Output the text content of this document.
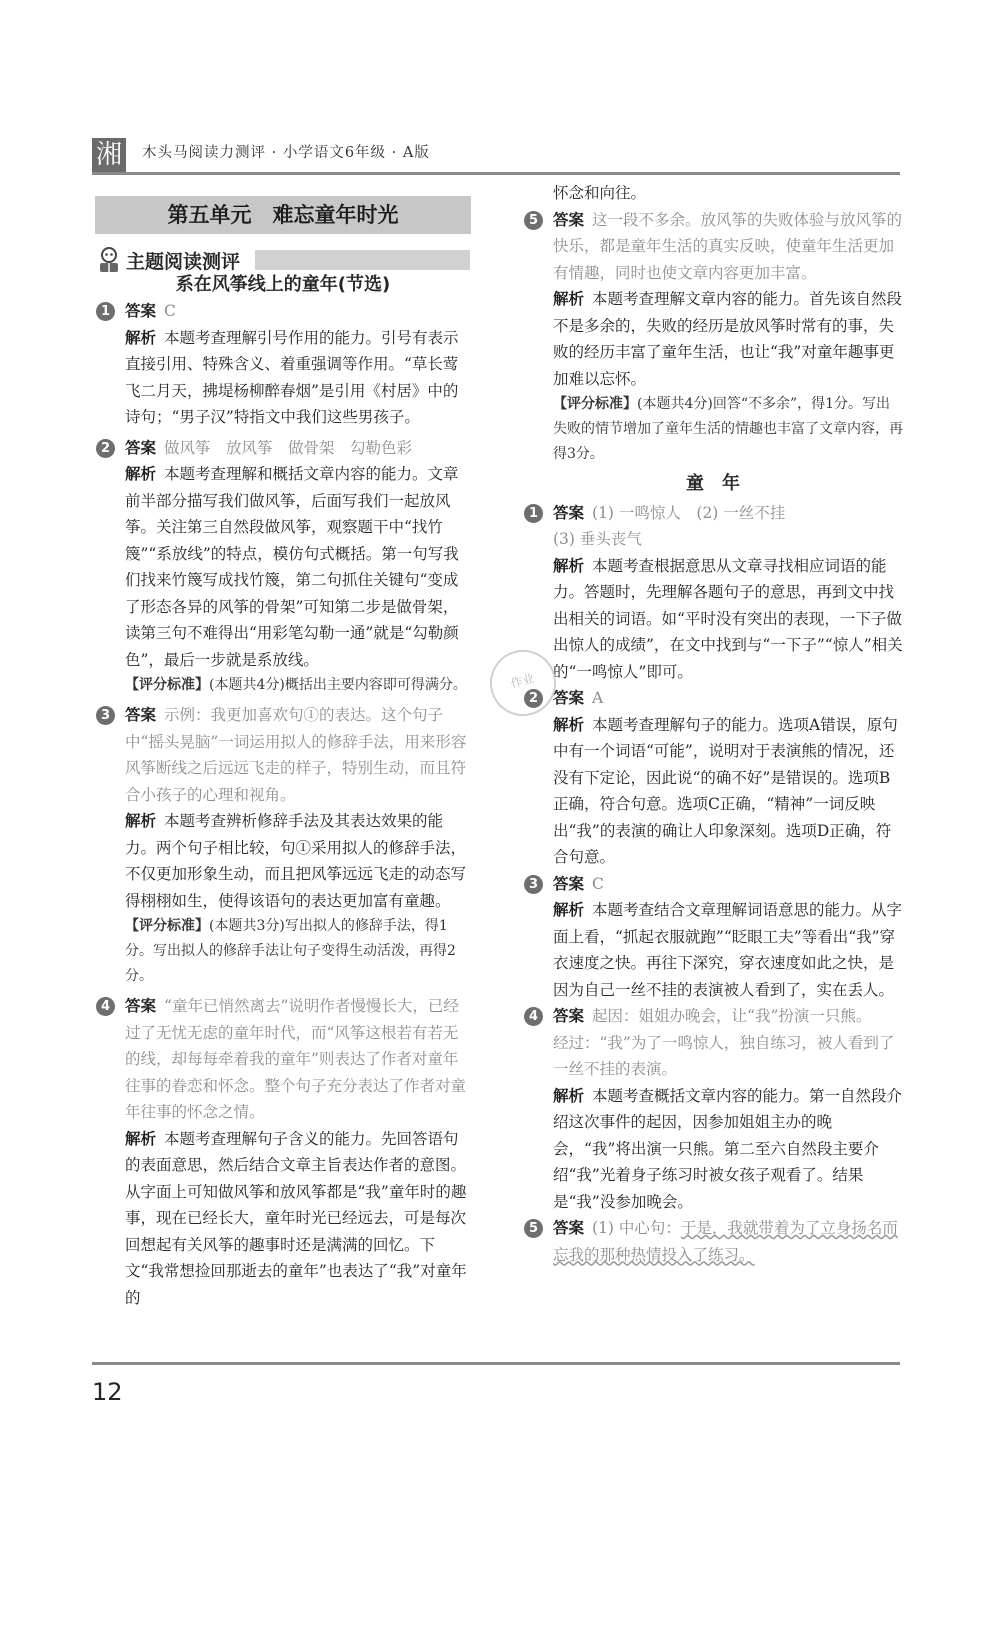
湘 木头马阅读力测评 · 小学语文6年级 · A版
第五单元　难忘童年时光
主题阅读测评
系在风筝线上的童年(节选)
1 答案 C

解析 本题考查理解引号作用的能力。引号有表示直接引用、特殊含义、着重强调等作用。“草长莺飞二月天，拂堤杨柳醉春烟”是引用《村居》中的诗句；“男子汉”特指文中我们这些男孩子。

2 答案 做风筝　放风筝　做骨架　勾勒色彩

解析 本题考查理解和概括文章内容的能力。文章前半部分描写我们做风筝，后面写我们一起放风筝。关注第三自然段做风筝，观察题干中“找竹篾”“系放线”的特点，模仿句式概括。第一句写我们找来竹篾写成找竹篾，第二句抓住关键句“变成了形态各异的风筝的骨架”可知第二步是做骨架，读第三句不难得出“用彩笔勾勒一通”就是“勾勒颜色”，最后一步就是系放线。

【评分标准】(本题共4分)概括出主要内容即可得满分。

3 答案 示例：我更加喜欢句①的表达。这个句子中“摇头晃脑”一词运用拟人的修辞手法，用来形容风筝断线之后远远飞走的样子，特别生动，而且符合小孩子的心理和视角。

解析 本题考查辨析修辞手法及其表达效果的能力。两个句子相比较，句①采用拟人的修辞手法，不仅更加形象生动，而且把风筝远远飞走的动态写得栩栩如生，使得该语句的表达更加富有童趣。

【评分标准】(本题共3分)写出拟人的修辞手法，得1分。写出拟人的修辞手法让句子变得生动活泼，再得2分。

4 答案 “童年已悄然离去”说明作者慢慢长大，已经过了无忧无虑的童年时代，而“风筝这根若有若无的线，却每每牵着我的童年”则表达了作者对童年往事的眷恋和怀念。整个句子充分表达了作者对童年往事的怀念之情。

解析 本题考查理解句子含义的能力。先回答语句的表面意思，然后结合文章主旨表达作者的意图。从字面上可知做风筝和放风筝都是“我”童年时的趣事，现在已经长大，童年时光已经远去，可是每次回想起有关风筝的趣事时还是满满的回忆。下文“我常想捡回那逝去的童年”也表达了“我”对童年的

怀念和向往。

5 答案 这一段不多余。放风筝的失败体验与放风筝的快乐，都是童年生活的真实反映，使童年生活更加有情趣，同时也使文章内容更加丰富。

解析 本题考查理解文章内容的能力。首先该自然段不是多余的，失败的经历是放风筝时常有的事，失败的经历丰富了童年生活，也让“我”对童年趣事更加难以忘怀。

【评分标准】(本题共4分)回答“不多余”，得1分。写出失败的情节增加了童年生活的情趣也丰富了文章内容，再得3分。

童　年

1 答案 (1) 一鸣惊人　(2) 一丝不挂

(3) 垂头丧气

解析 本题考查根据意思从文章寻找相应词语的能力。答题时，先理解各题句子的意思，再到文中找出相关的词语。如“平时没有突出的表现，一下子做出惊人的成绩”，在文中找到与“一下子”“惊人”相关的“一鸣惊人”即可。

2 答案 A

解析 本题考查理解句子的能力。选项A错误，原句中有一个词语“可能”，说明对于表演熊的情况，还没有下定论，因此说“的确不好”是错误的。选项B正确，符合句意。选项C正确，“精神”一词反映出“我”的表演的确让人印象深刻。选项D正确，符合句意。

3 答案 C

解析 本题考查结合文章理解词语意思的能力。从字面上看，“抓起衣服就跑”“眨眼工夫”等看出“我”穿衣速度之快。再往下深究，穿衣速度如此之快，是因为自己一丝不挂的表演被人看到了，实在丢人。

4 答案 起因：姐姐办晚会，让“我”扮演一只熊。

经过：“我”为了一鸣惊人，独自练习，被人看到了一丝不挂的表演。

解析 本题考查概括文章内容的能力。第一自然段介绍这次事件的起因，因参加姐姐主办的晚会，“我”将出演一只熊。第二至六自然段主要介绍“我”光着身子练习时被女孩子观看了。结果是“我”没参加晚会。

5 答案 (1) 中心句：于是，我就带着为了立身扬名而忘我的那种热情投入了练习。

作业
12
